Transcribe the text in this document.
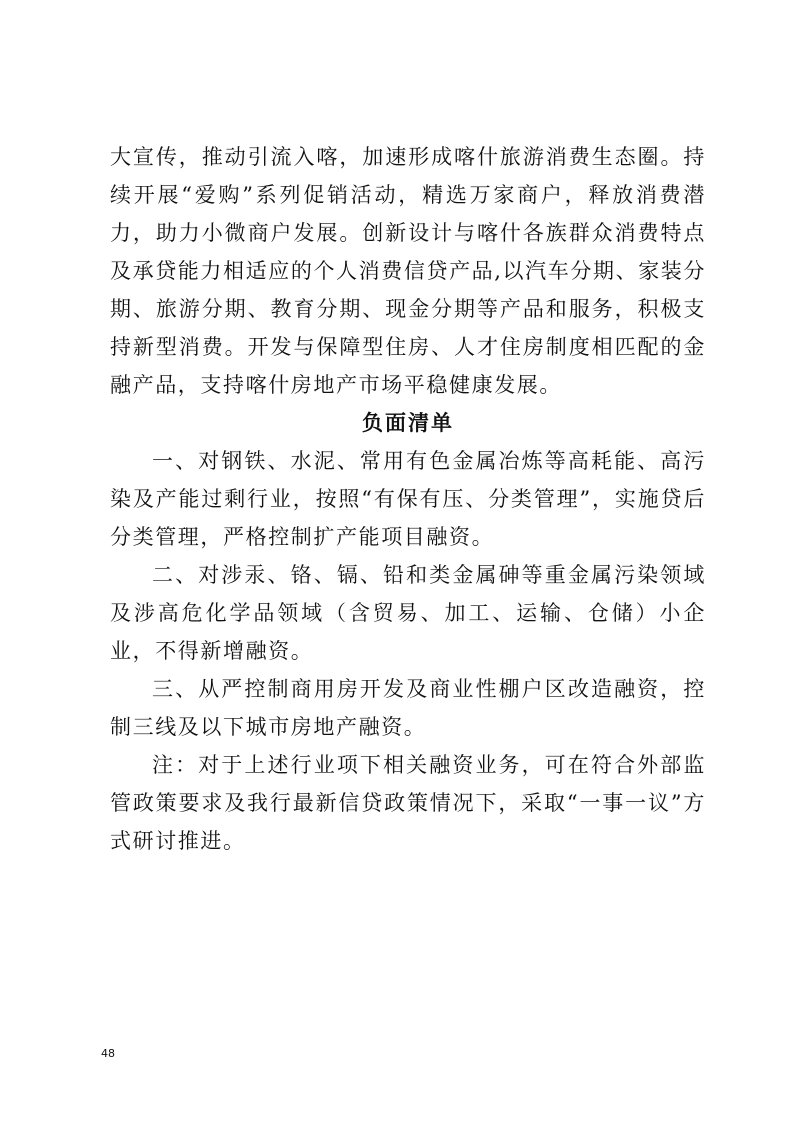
大宣传，推动引流入喀，加速形成喀什旅游消费生态圈。持续开展“爱购”系列促销活动，精选万家商户，释放消费潜力，助力小微商户发展。创新设计与喀什各族群众消费特点及承贷能力相适应的个人消费信贷产品,以汽车分期、家装分期、旅游分期、教育分期、现金分期等产品和服务，积极支持新型消费。开发与保障型住房、人才住房制度相匹配的金融产品，支持喀什房地产市场平稳健康发展。

负面清单

一、对钢铁、水泥、常用有色金属冶炼等高耗能、高污染及产能过剩行业，按照“有保有压、分类管理”，实施贷后分类管理，严格控制扩产能项目融资。

二、对涉汞、铬、镉、铅和类金属砷等重金属污染领域及涉高危化学品领域（含贸易、加工、运输、仓储）小企业，不得新增融资。

三、从严控制商用房开发及商业性棚户区改造融资，控制三线及以下城市房地产融资。

注：对于上述行业项下相关融资业务，可在符合外部监管政策要求及我行最新信贷政策情况下，采取“一事一议”方式研讨推进。

48
